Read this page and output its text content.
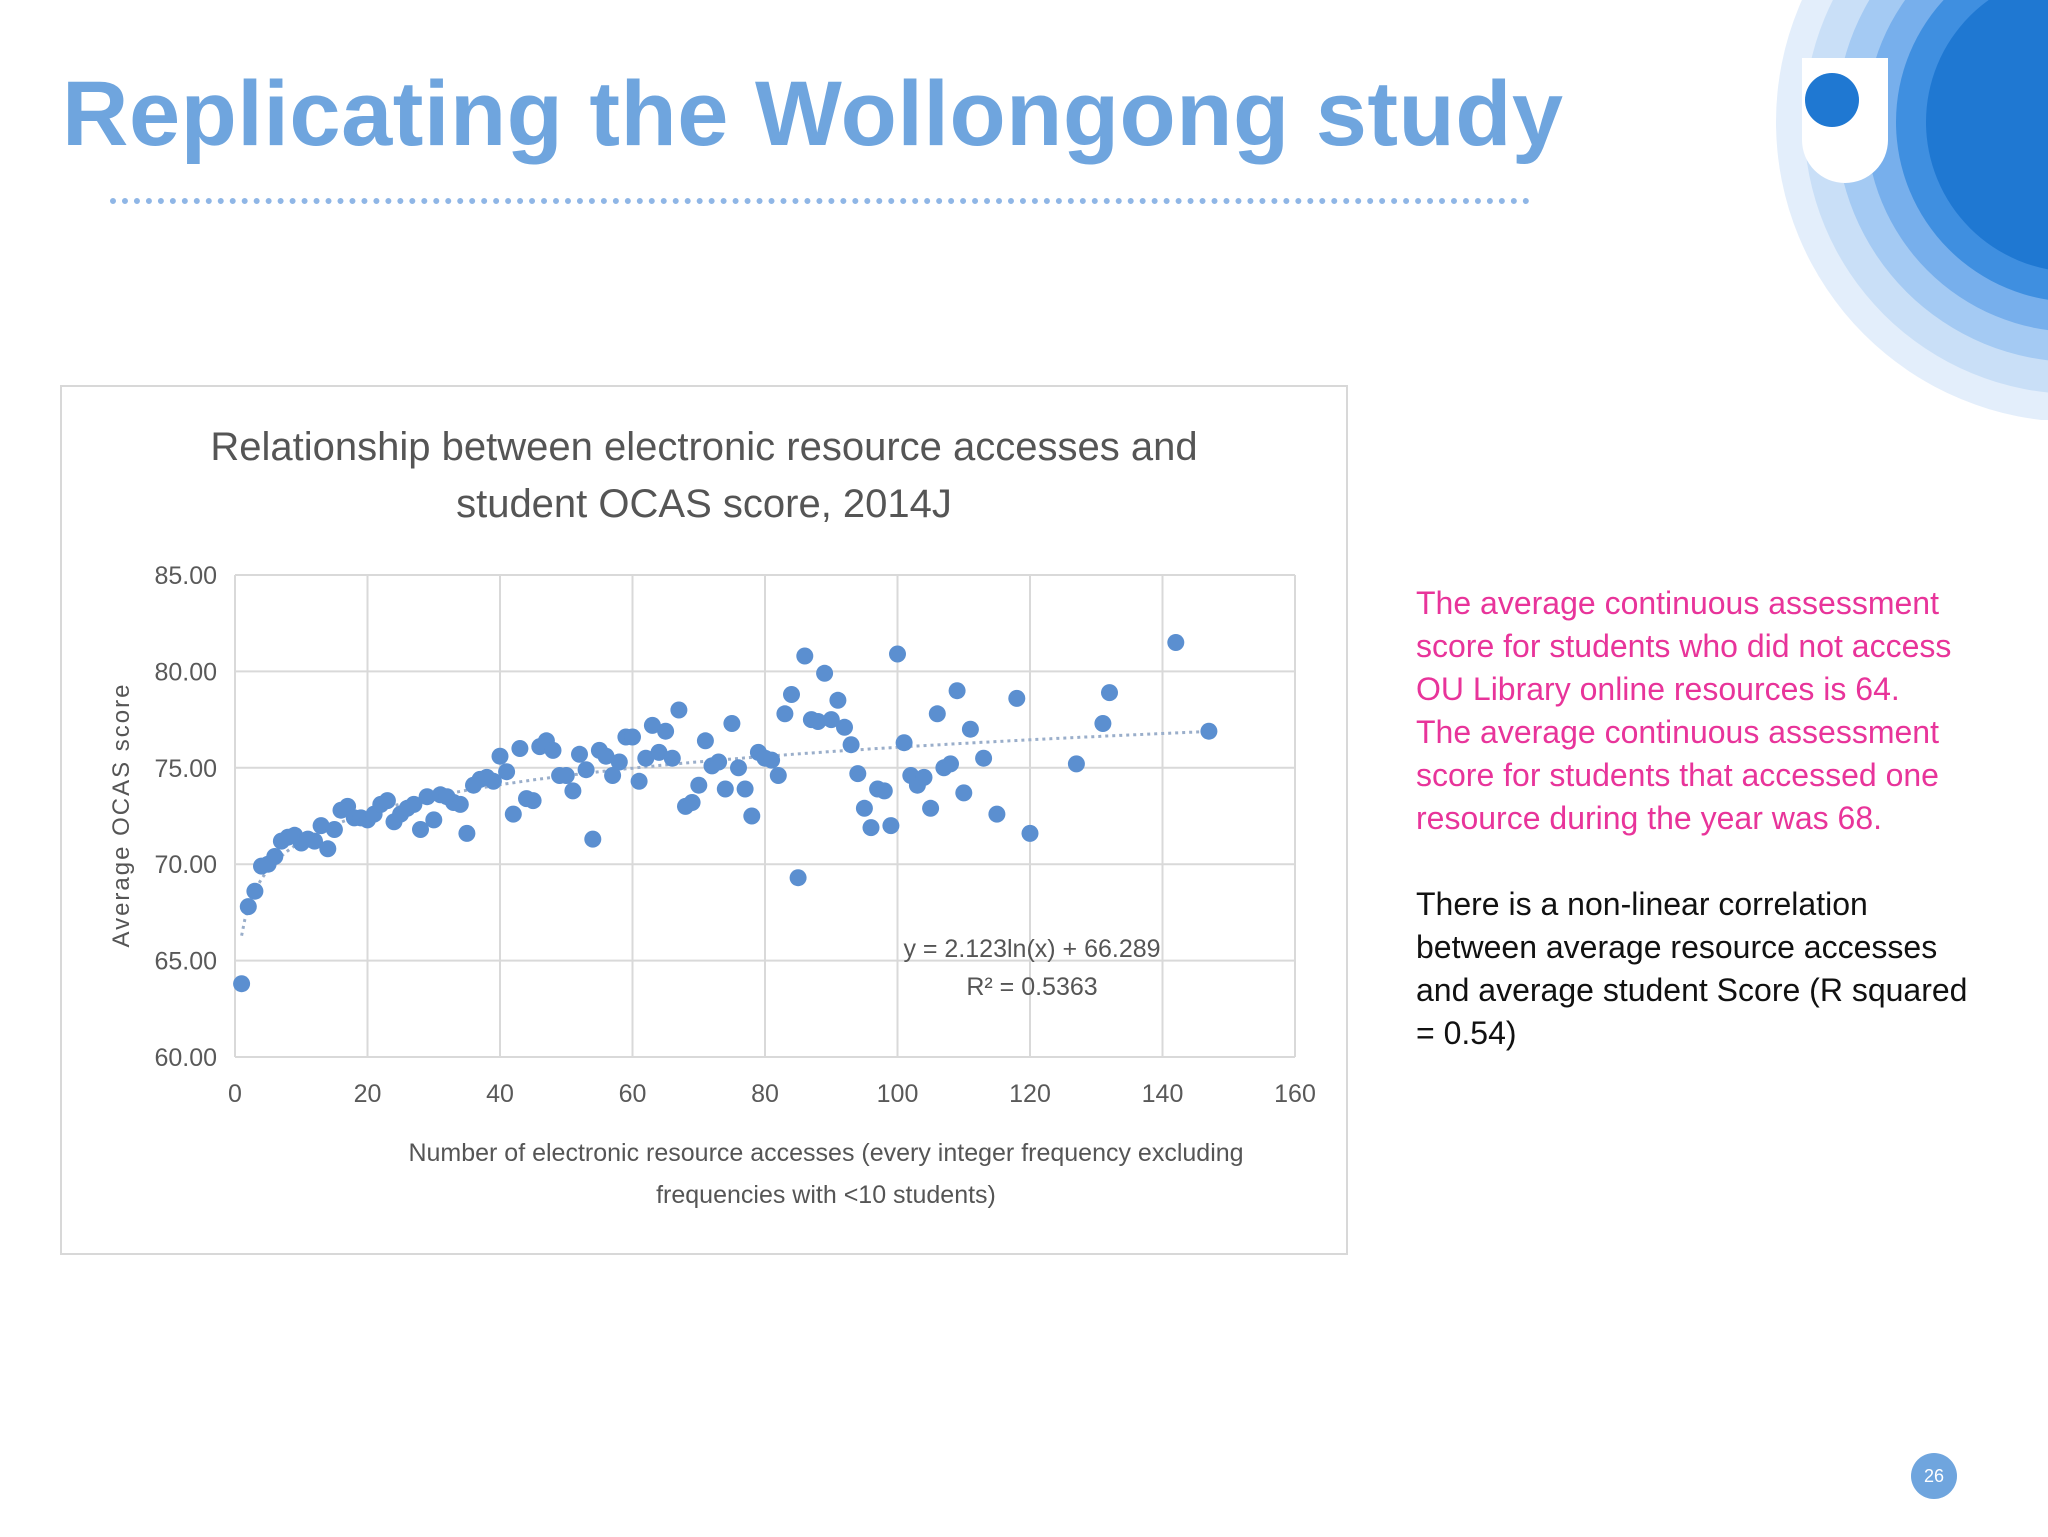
Replicating the Wollongong study
Relationship between electronic resource accesses and
student OCAS score, 2014J
60.00
65.00
70.00
75.00
80.00
85.00
0	20	40	60	80	100	120	140	160
Average OCAS score
Number of electronic resource accesses (every integer frequency excluding
frequencies with <10 students)
y = 2.123ln(x) + 66.289
R² = 0.5363

The average continuous assessment score for students who did not access OU Library online resources is 64.

The average continuous assessment score for students that accessed one resource during the year was 68.

There is a non-linear correlation between average resource accesses and average student Score (R squared = 0.54)

26
